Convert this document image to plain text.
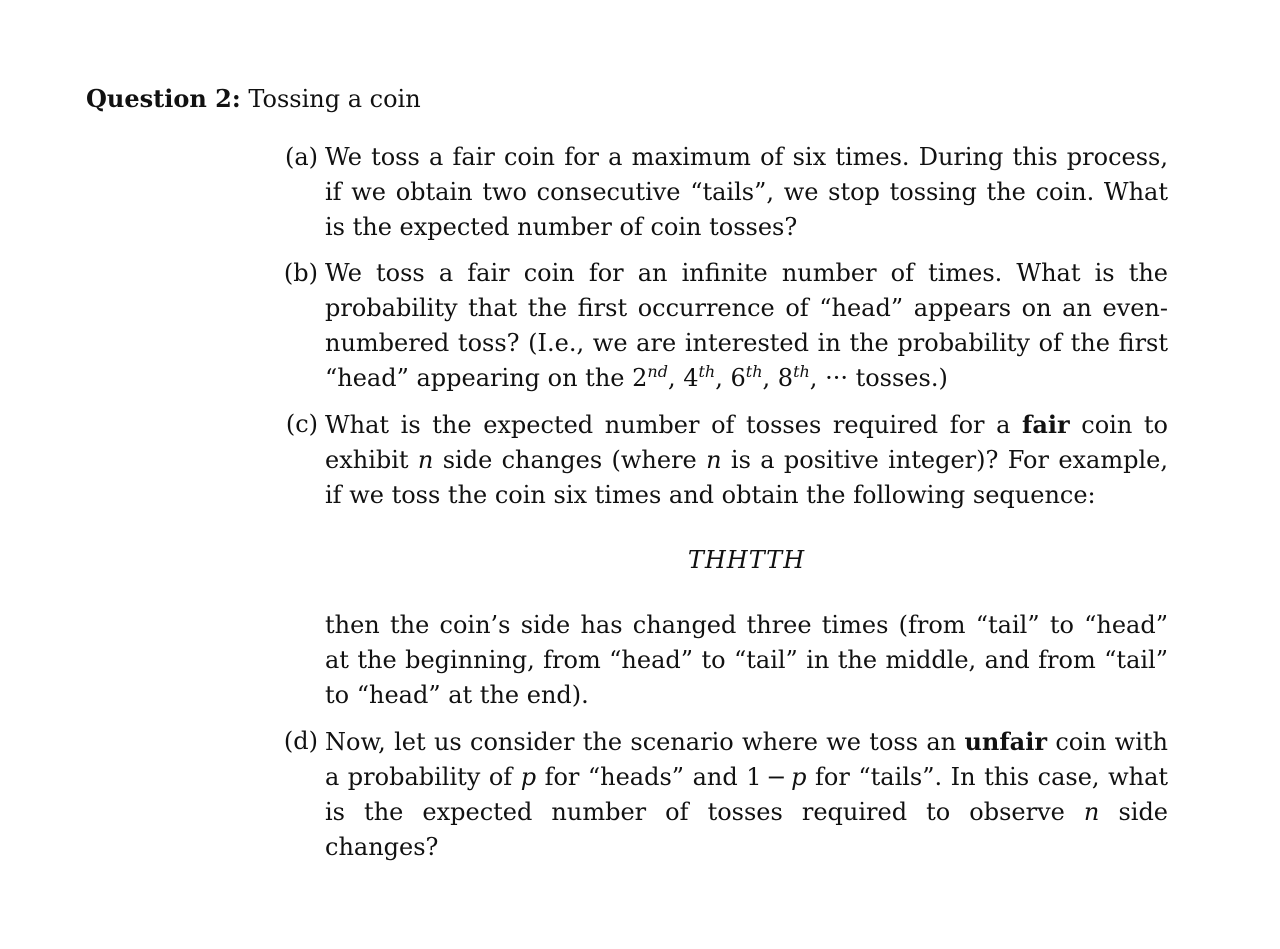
Question 2: Tossing a coin
(a) We toss a fair coin for a maximum of six times. During this process, if we obtain two consecutive “tails”, we stop tossing the coin. What is the expected number of coin tosses?

(b) We toss a fair coin for an infinite number of times. What is the probability that the first occurrence of “head” appears on an even-numbered toss? (I.e., we are interested in the probability of the first “head” appearing on the 2nd, 4th, 6th, 8th, ··· tosses.)

(c) What is the expected number of tosses required for a fair coin to exhibit n side changes (where n is a positive integer)? For example, if we toss the coin six times and obtain the following sequence:

THHTTH

then the coin’s side has changed three times (from “tail” to “head” at the beginning, from “head” to “tail” in the middle, and from “tail” to “head” at the end).

(d) Now, let us consider the scenario where we toss an unfair coin with a probability of p for “heads” and 1 − p for “tails”. In this case, what is the expected number of tosses required to observe n side changes?
